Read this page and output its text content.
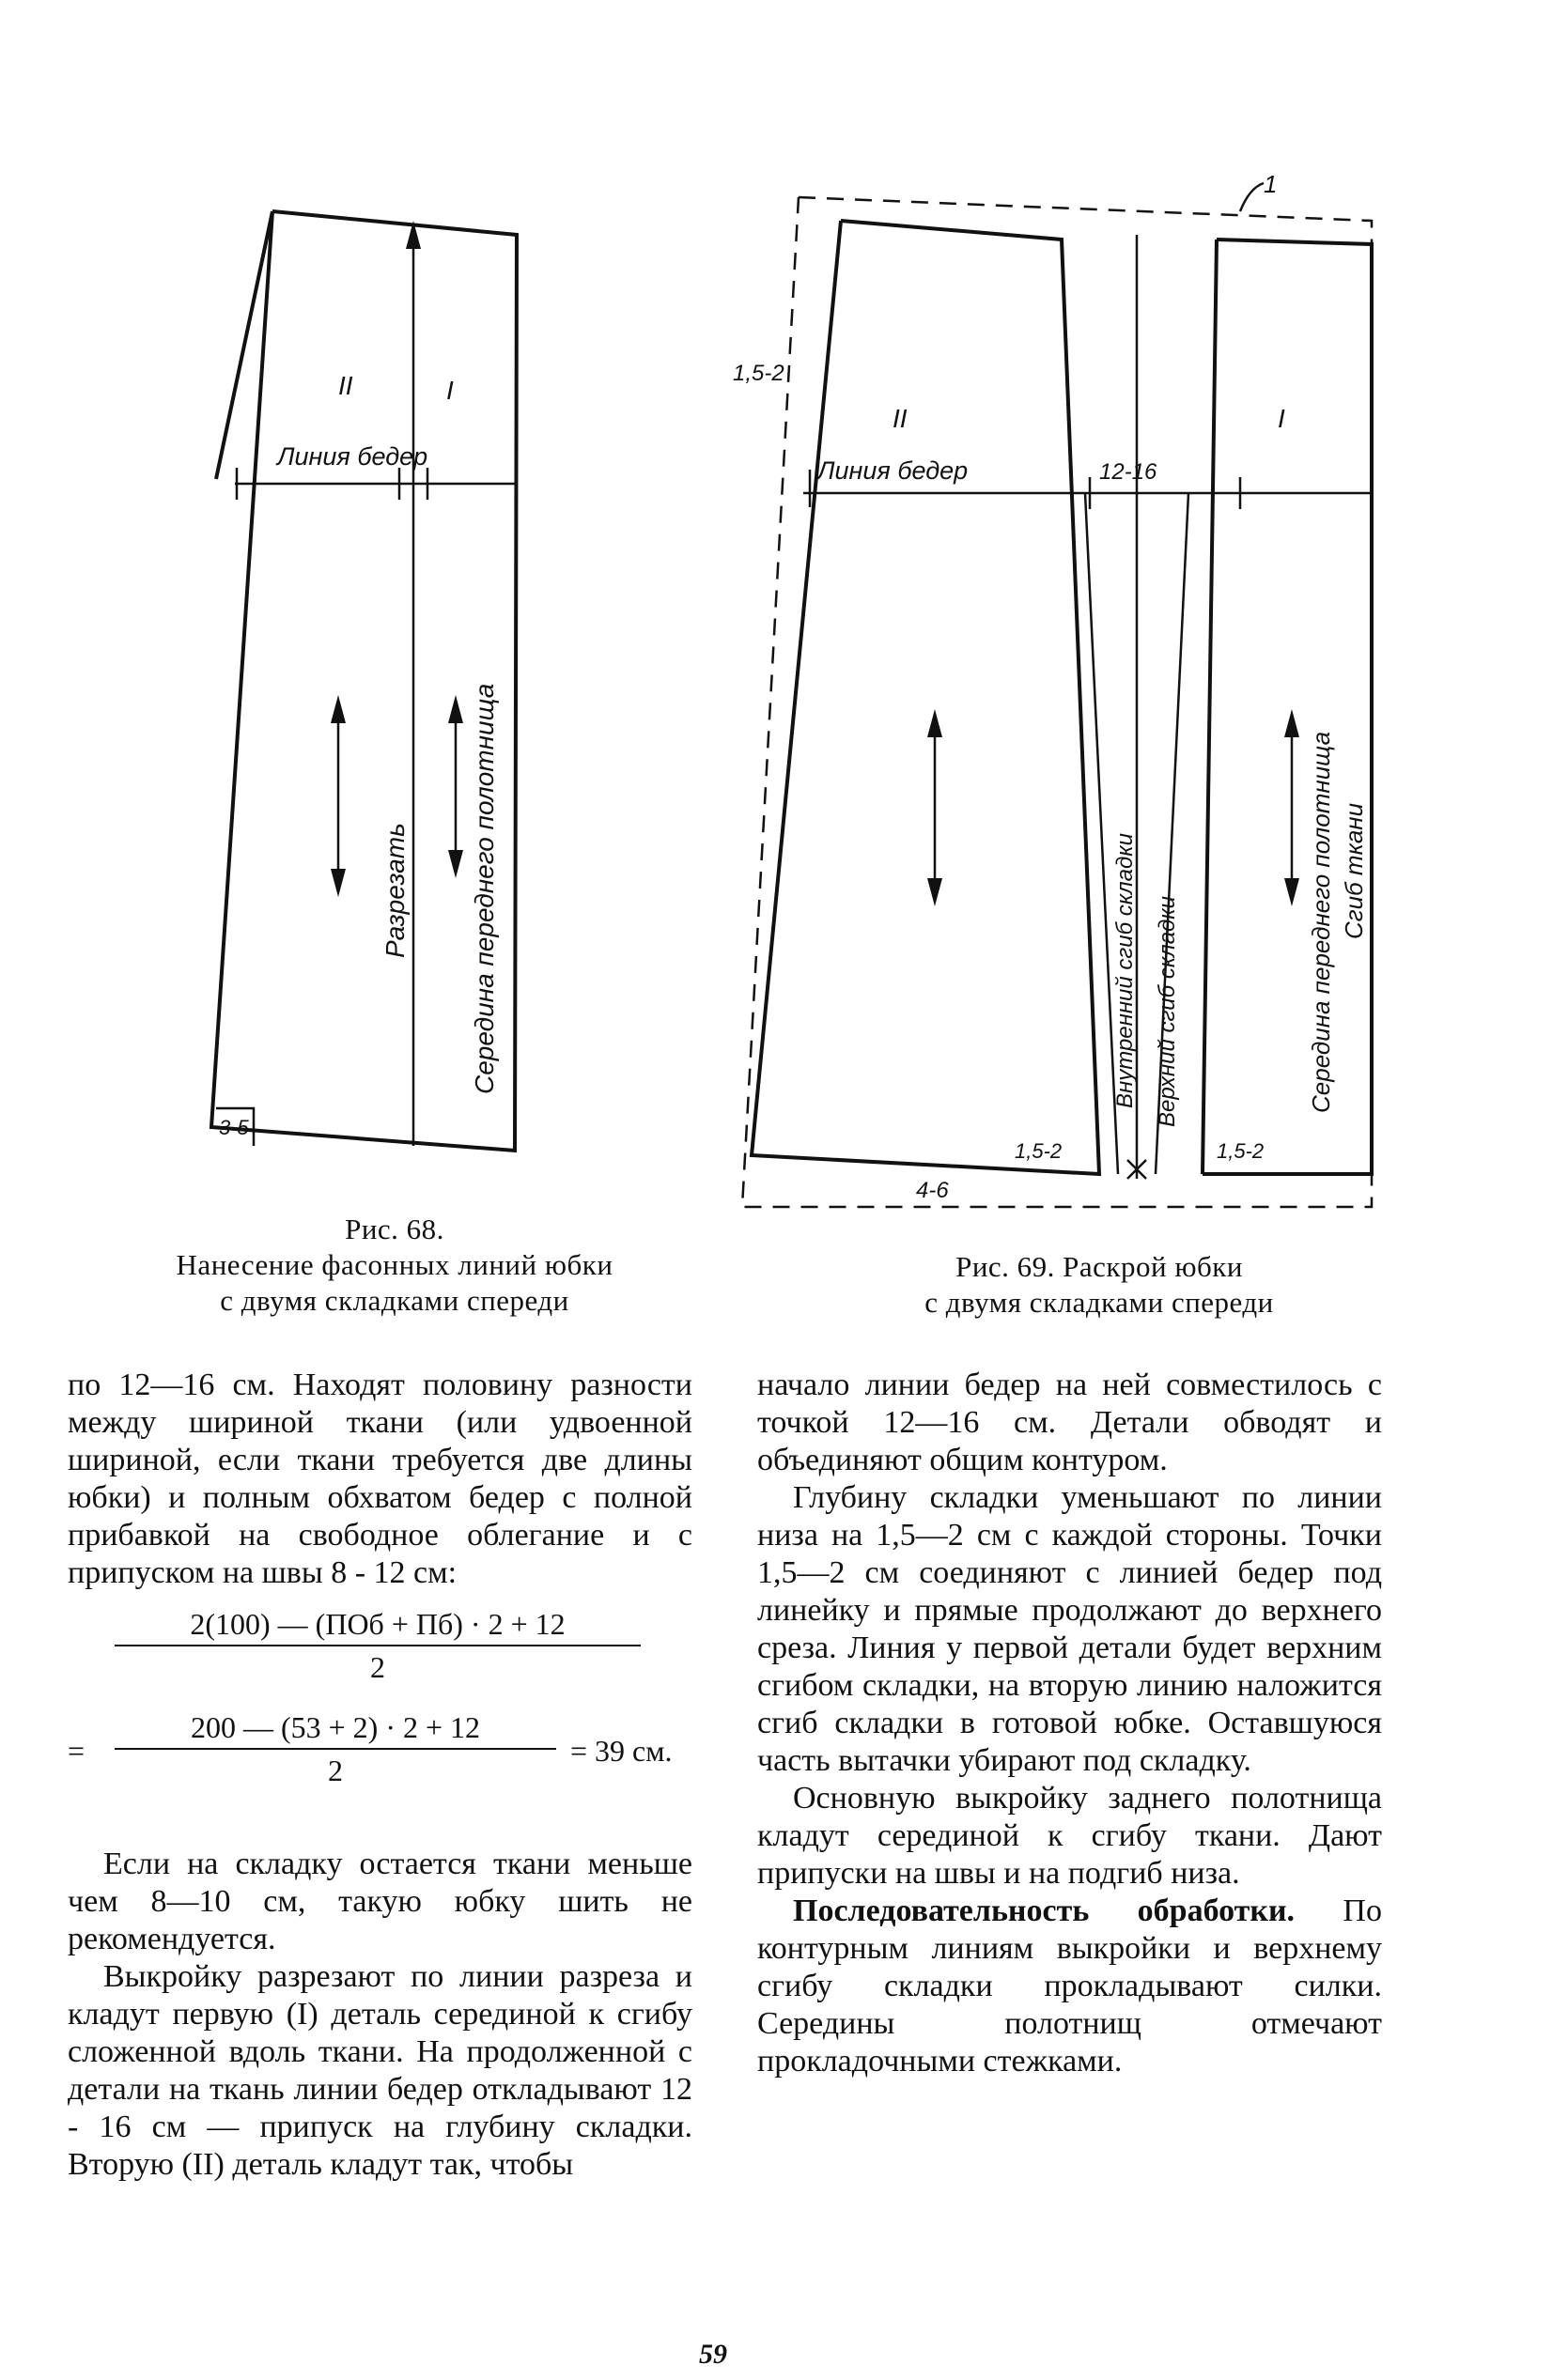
II	I
Линия бедер
3-5
Разрезать Середина переднего полотнища
1
1,5-2
II	I
Линия бедер	12-16
Внутренний сгиб складки Верхний сгиб складки	Середина переднего полотнища Сгиб ткани
1,5-2	1,5-2
4-6
Рис. 68.
Нанесение фасонных линий юбки
с двумя складками спереди
Рис. 69. Раскрой юбки
с двумя складками спереди

по 12—16 см. Находят половину разности между шириной ткани (или удвоенной шириной, если ткани требуется две длины юбки) и полным обхватом бедер с полной прибавкой на свободное облегание и с припуском на швы 8 - 12 см:

2(100) — (ПОб + Пб) · 2 + 12
2
= $\frac{200 — (53 + 2) \cdot 2 + 12}{2} = 39$ см.

Если на складку остается ткани меньше чем 8—10 см, такую юбку шить не рекомендуется.

Выкройку разрезают по линии разреза и кладут первую (I) деталь серединой к сгибу сложенной вдоль ткани. На продолженной с детали на ткань линии бедер откладывают 12 - 16 см — припуск на глубину складки. Вторую (II) деталь кладут так, чтобы

начало линии бедер на ней совместилось с точкой 12—16 см. Детали обводят и объединяют общим контуром.

Глубину складки уменьшают по линии низа на 1,5—2 см с каждой стороны. Точки 1,5—2 см соединяют с линией бедер под линейку и прямые продолжают до верхнего среза. Линия у первой детали будет верхним сгибом складки, на вторую линию наложится сгиб складки в готовой юбке. Оставшуюся часть вытачки убирают под складку.

Основную выкройку заднего полотнища кладут серединой к сгибу ткани. Дают припуски на швы и на подгиб низа.

Последовательность обработки. По контурным линиям выкройки и верхнему сгибу складки прокладывают силки. Середины полотнищ отмечают прокладочными стежками.

59
